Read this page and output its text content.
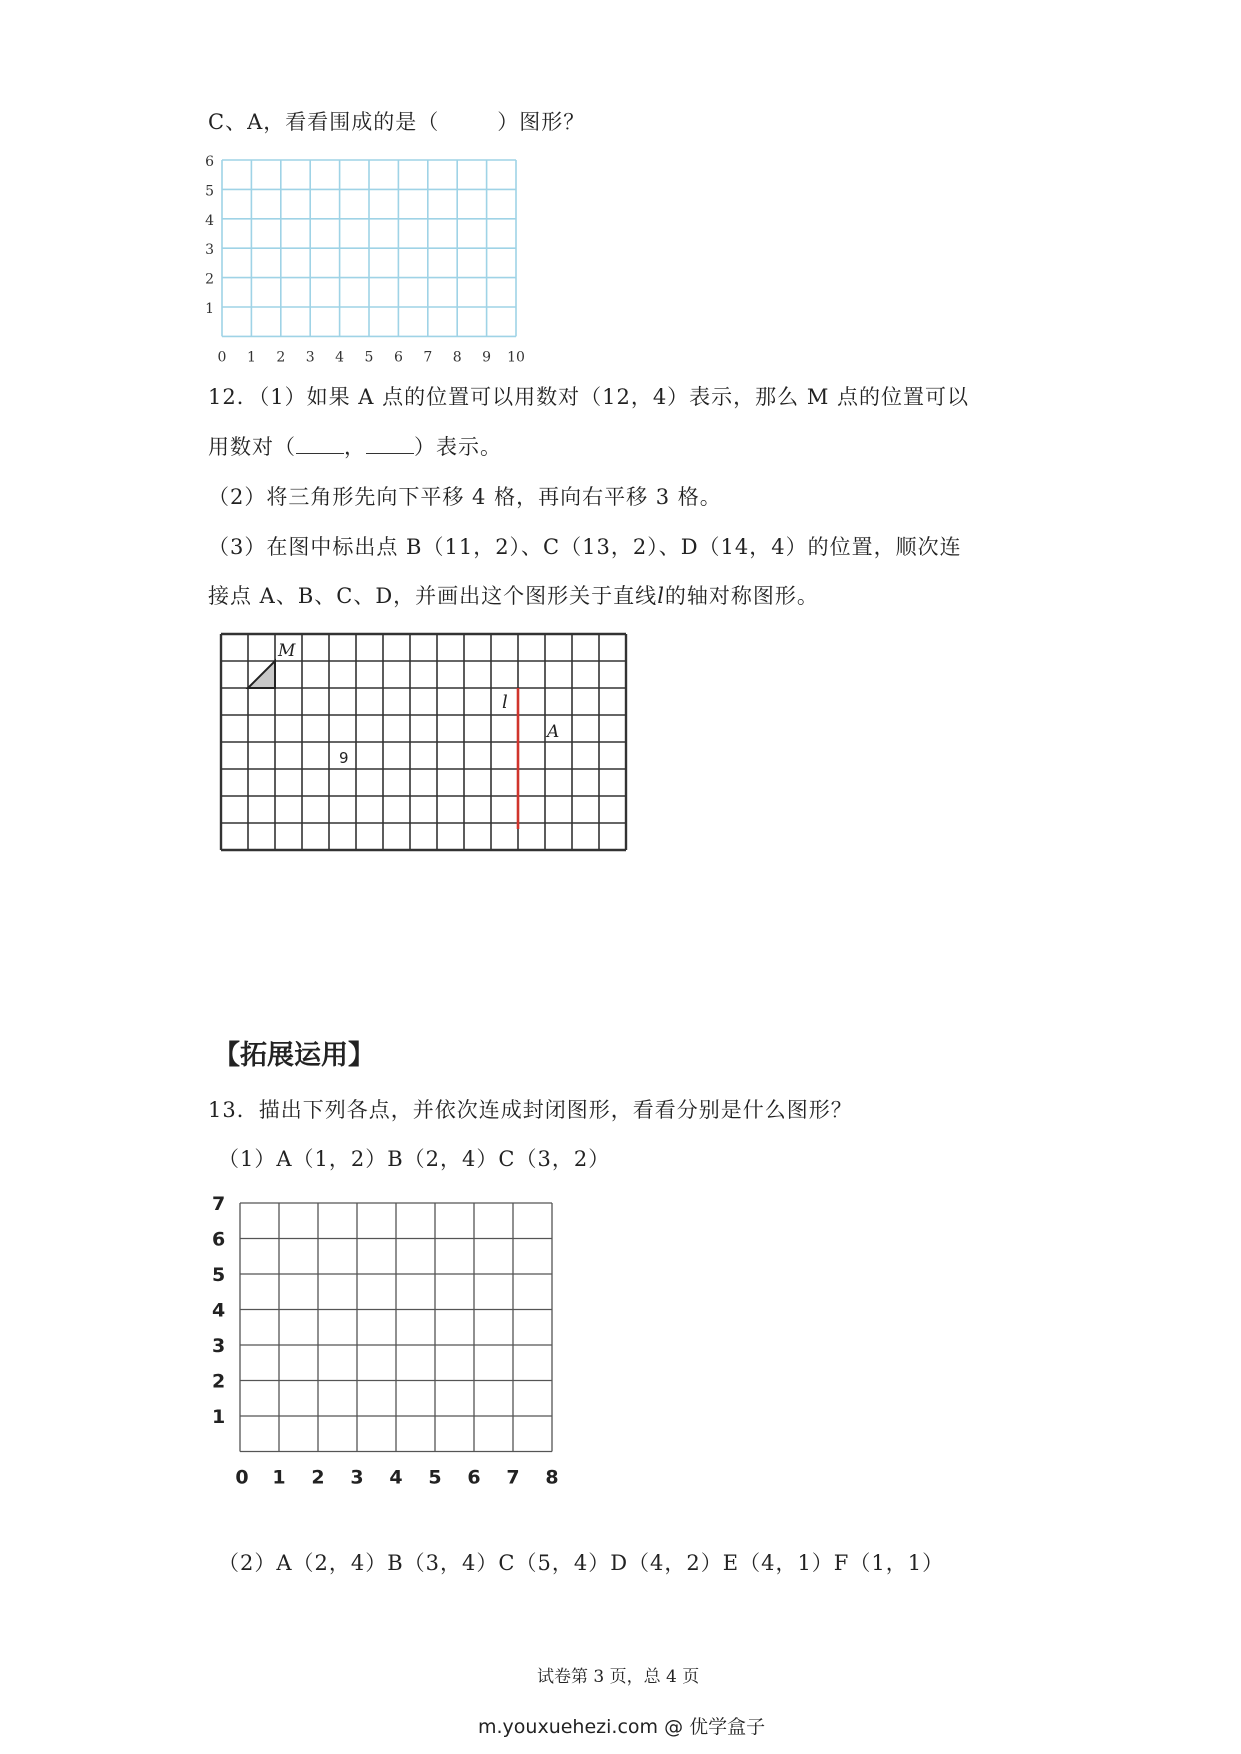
C、A，看看围成的是（	）图形？
6
5
4
3
2
1
0 1 2 3 4 5 6 7 8 9 10
12．（1）如果 A 点的位置可以用数对（12，4）表示，那么 M 点的位置可以
用数对（ ， ）表示。
（2）将三角形先向下平移 4 格，再向右平移 3 格。
（3）在图中标出点 B（11，2）、C（13，2）、D（14，4）的位置，顺次连
接点 A、B、C、D，并画出这个图形关于直线l的轴对称图形。
M
l
A
9
【拓展运用】
13．描出下列各点，并依次连成封闭图形，看看分别是什么图形？
（1）A（1，2）B（2，4）C（3，2）
7
6
5
4
3
2
1
0 1 2 3 4 5 6 7 8
（2）A（2，4）B（3，4）C（5，4）D（4，2）E（4，1）F（1，1）
试卷第 3 页，总 4 页
m.youxuehezi.com @ 优学盒子
